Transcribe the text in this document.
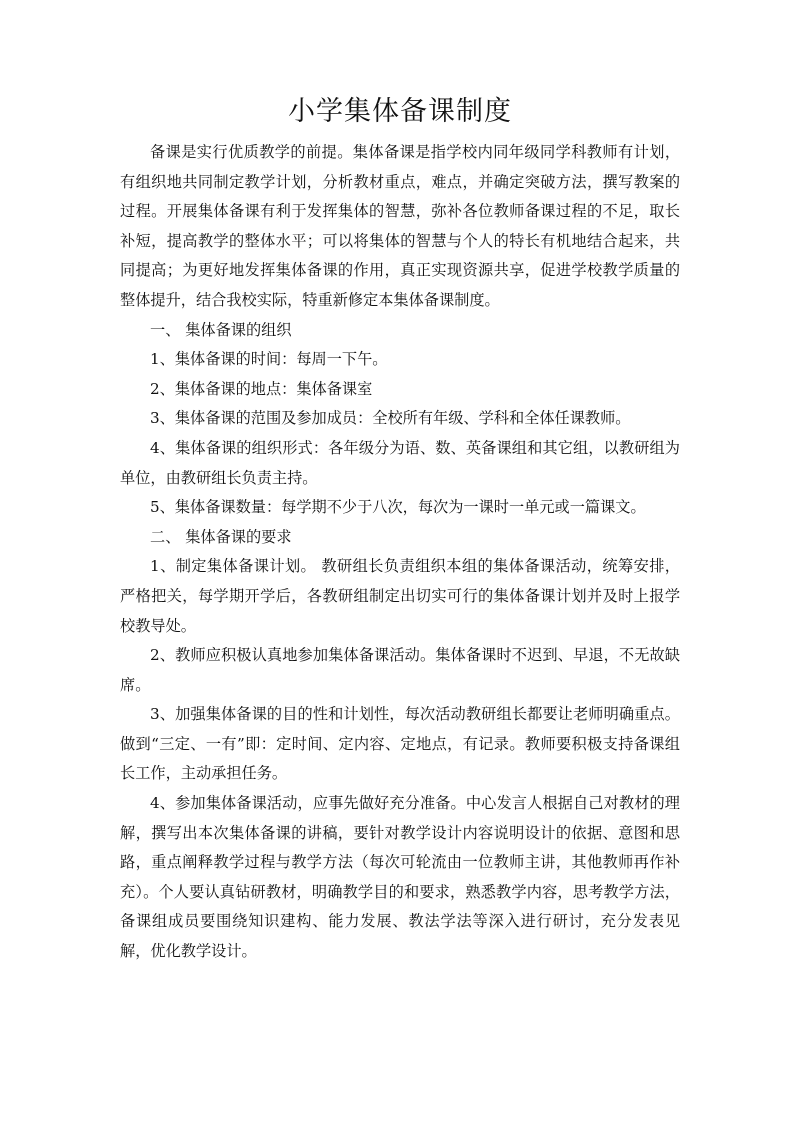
小学集体备课制度

备课是实行优质教学的前提。集体备课是指学校内同年级同学科教师有计划，有组织地共同制定教学计划，分析教材重点，难点，并确定突破方法，撰写教案的过程。开展集体备课有利于发挥集体的智慧，弥补各位教师备课过程的不足，取长补短，提高教学的整体水平；可以将集体的智慧与个人的特长有机地结合起来，共同提高；为更好地发挥集体备课的作用，真正实现资源共享，促进学校教学质量的整体提升，结合我校实际，特重新修定本集体备课制度。

一、 集体备课的组织

1、集体备课的时间：每周一下午。

2、集体备课的地点：集体备课室

3、集体备课的范围及参加成员：全校所有年级、学科和全体任课教师。

4、集体备课的组织形式：各年级分为语、数、英备课组和其它组，以教研组为单位，由教研组长负责主持。

5、集体备课数量：每学期不少于八次，每次为一课时一单元或一篇课文。

二、 集体备课的要求

1、制定集体备课计划。 教研组长负责组织本组的集体备课活动，统筹安排，严格把关，每学期开学后，各教研组制定出切实可行的集体备课计划并及时上报学校教导处。

2、教师应积极认真地参加集体备课活动。集体备课时不迟到、早退，不无故缺席。

3、加强集体备课的目的性和计划性，每次活动教研组长都要让老师明确重点。做到“三定、一有”即：定时间、定内容、定地点，有记录。教师要积极支持备课组长工作，主动承担任务。

4、参加集体备课活动，应事先做好充分准备。中心发言人根据自己对教材的理解，撰写出本次集体备课的讲稿，要针对教学设计内容说明设计的依据、意图和思路，重点阐释教学过程与教学方法（每次可轮流由一位教师主讲，其他教师再作补充）。个人要认真钻研教材，明确教学目的和要求，熟悉教学内容，思考教学方法，备课组成员要围绕知识建构、能力发展、教法学法等深入进行研讨，充分发表见解，优化教学设计。
